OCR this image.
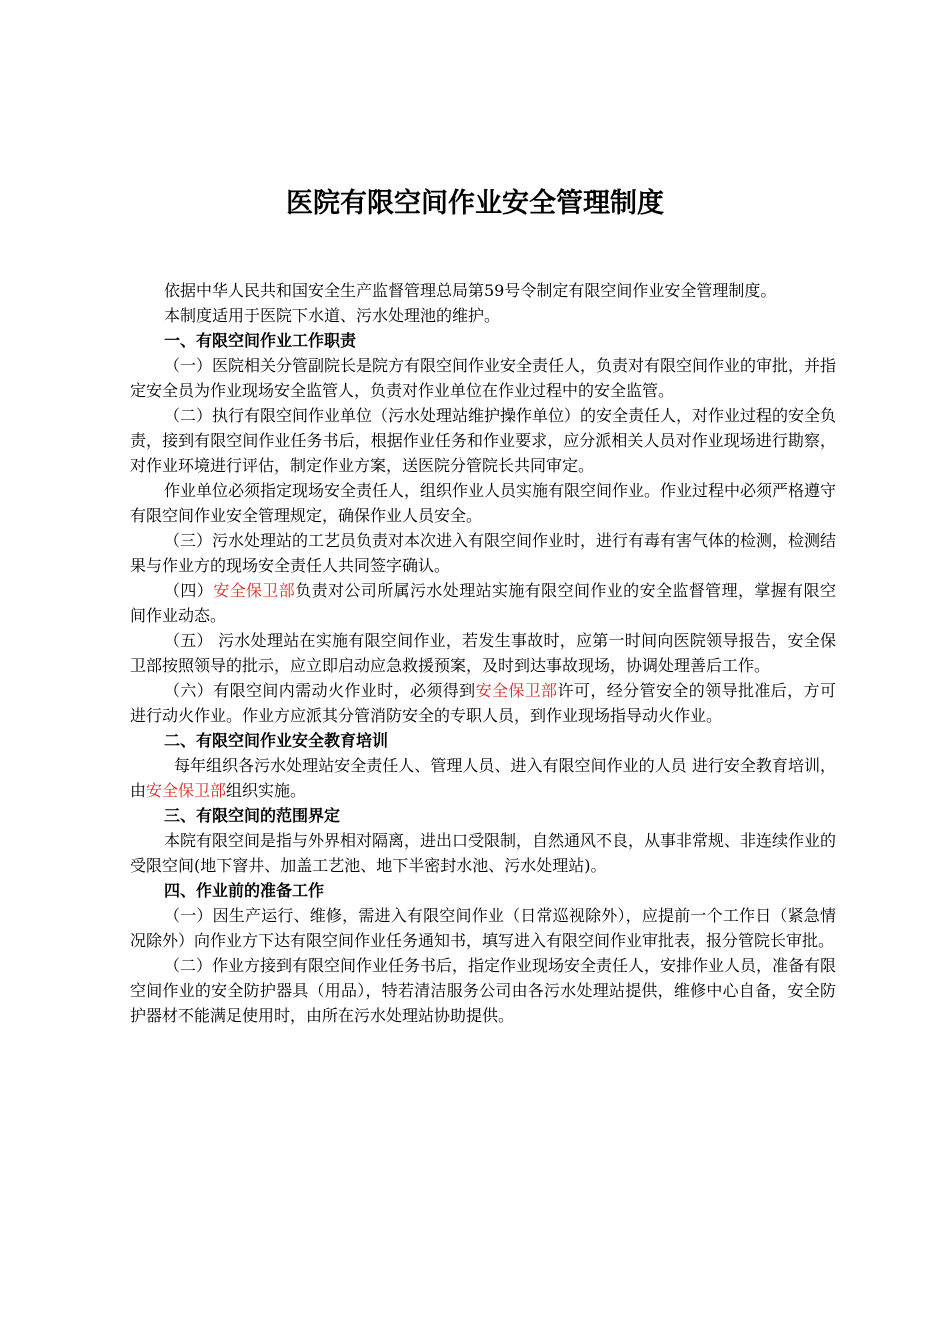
医院有限空间作业安全管理制度

依据中华人民共和国安全生产监督管理总局第59号令制定有限空间作业安全管理制度。

本制度适用于医院下水道、污水处理池的维护。

一、有限空间作业工作职责

（一）医院相关分管副院长是院方有限空间作业安全责任人，负责对有限空间作业的审批，并指定安全员为作业现场安全监管人，负责对作业单位在作业过程中的安全监管。

（二）执行有限空间作业单位（污水处理站维护操作单位）的安全责任人，对作业过程的安全负责，接到有限空间作业任务书后，根据作业任务和作业要求，应分派相关人员对作业现场进行勘察，对作业环境进行评估，制定作业方案，送医院分管院长共同审定。

作业单位必须指定现场安全责任人，组织作业人员实施有限空间作业。作业过程中必须严格遵守有限空间作业安全管理规定，确保作业人员安全。

（三）污水处理站的工艺员负责对本次进入有限空间作业时，进行有毒有害气体的检测，检测结果与作业方的现场安全责任人共同签字确认。

（四）安全保卫部负责对公司所属污水处理站实施有限空间作业的安全监督管理，掌握有限空间作业动态。

（五） 污水处理站在实施有限空间作业，若发生事故时，应第一时间向医院领导报告，安全保卫部按照领导的批示，应立即启动应急救援预案，及时到达事故现场，协调处理善后工作。

（六）有限空间内需动火作业时，必须得到安全保卫部许可，经分管安全的领导批准后，方可进行动火作业。作业方应派其分管消防安全的专职人员，到作业现场指导动火作业。

二、有限空间作业安全教育培训

每年组织各污水处理站安全责任人、管理人员、进入有限空间作业的人员 进行安全教育培训，由安全保卫部组织实施。

三、有限空间的范围界定

本院有限空间是指与外界相对隔离，进出口受限制，自然通风不良，从事非常规、非连续作业的受限空间(地下窨井、加盖工艺池、地下半密封水池、污水处理站)。

四、作业前的准备工作

（一）因生产运行、维修，需进入有限空间作业（日常巡视除外），应提前一个工作日（紧急情况除外）向作业方下达有限空间作业任务通知书，填写进入有限空间作业审批表，报分管院长审批。

（二）作业方接到有限空间作业任务书后，指定作业现场安全责任人，安排作业人员，准备有限空间作业的安全防护器具（用品），特若清洁服务公司由各污水处理站提供，维修中心自备，安全防护器材不能满足使用时，由所在污水处理站协助提供。
